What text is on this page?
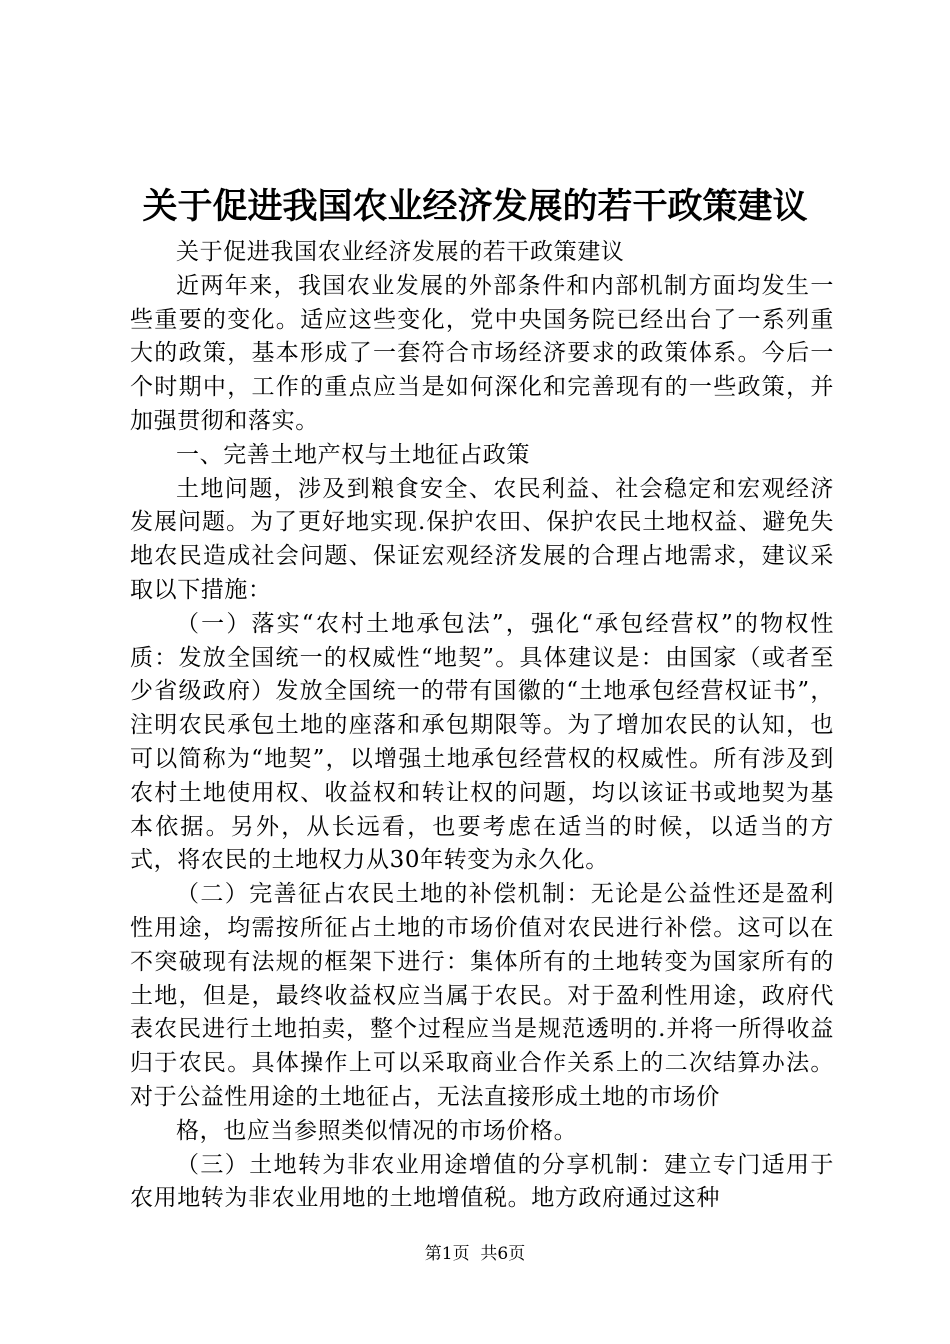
关于促进我国农业经济发展的若干政策建议

关于促进我国农业经济发展的若干政策建议

近两年来，我国农业发展的外部条件和内部机制方面均发生一些重要的变化。适应这些变化，党中央国务院已经出台了一系列重大的政策，基本形成了一套符合市场经济要求的政策体系。今后一个时期中，工作的重点应当是如何深化和完善现有的一些政策，并加强贯彻和落实。

一、完善土地产权与土地征占政策

土地问题，涉及到粮食安全、农民利益、社会稳定和宏观经济发展问题。为了更好地实现.保护农田、保护农民土地权益、避免失地农民造成社会问题、保证宏观经济发展的合理占地需求，建议采取以下措施：

（一）落实“农村土地承包法”，强化“承包经营权”的物权性质：发放全国统一的权威性“地契”。具体建议是：由国家（或者至少省级政府）发放全国统一的带有国徽的“土地承包经营权证书”，注明农民承包土地的座落和承包期限等。为了增加农民的认知，也可以简称为“地契”，以增强土地承包经营权的权威性。所有涉及到农村土地使用权、收益权和转让权的问题，均以该证书或地契为基本依据。另外，从长远看，也要考虑在适当的时候，以适当的方式，将农民的土地权力从30年转变为永久化。

（二）完善征占农民土地的补偿机制：无论是公益性还是盈利性用途，均需按所征占土地的市场价值对农民进行补偿。这可以在不突破现有法规的框架下进行：集体所有的土地转变为国家所有的土地，但是，最终收益权应当属于农民。对于盈利性用途，政府代表农民进行土地拍卖，整个过程应当是规范透明的.并将一所得收益归于农民。具体操作上可以采取商业合作关系上的二次结算办法。对于公益性用途的土地征占，无法直接形成土地的市场价

格，也应当参照类似情况的市场价格。

（三）土地转为非农业用途增值的分享机制：建立专门适用于农用地转为非农业用地的土地增值税。地方政府通过这种

第1页 共6页
